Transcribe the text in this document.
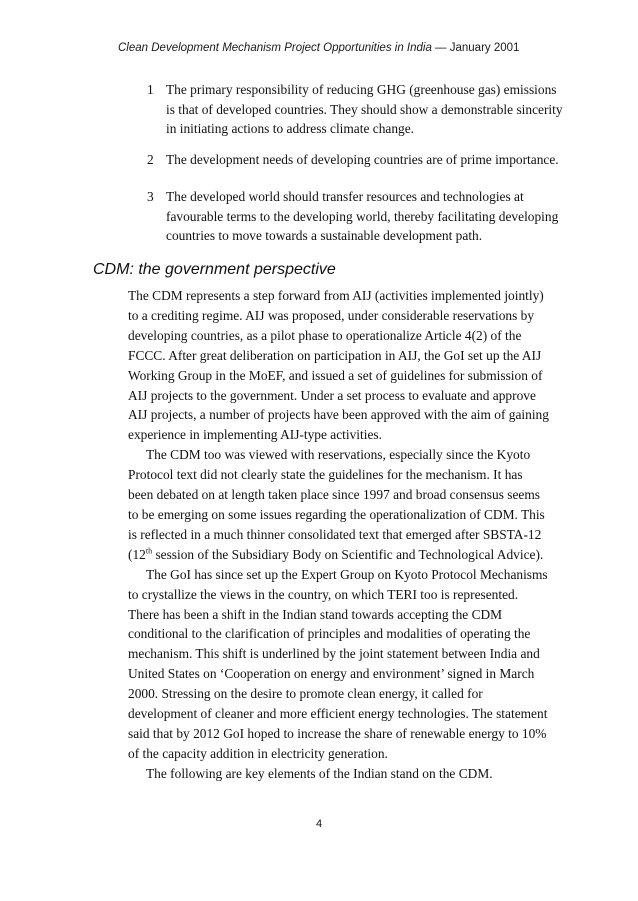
Clean Development Mechanism Project Opportunities in India — January 2001
1 The primary responsibility of reducing GHG (greenhouse gas) emissions is that of developed countries. They should show a demonstrable sincerity in initiating actions to address climate change.
2 The development needs of developing countries are of prime importance.
3 The developed world should transfer resources and technologies at favourable terms to the developing world, thereby facilitating developing countries to move towards a sustainable development path.
CDM: the government perspective

The CDM represents a step forward from AIJ (activities implemented jointly) to a crediting regime. AIJ was proposed, under considerable reservations by developing countries, as a pilot phase to operationalize Article 4(2) of the FCCC. After great deliberation on participation in AIJ, the GoI set up the AIJ Working Group in the MoEF, and issued a set of guidelines for submission of AIJ projects to the government. Under a set process to evaluate and approve AIJ projects, a number of projects have been approved with the aim of gaining experience in implementing AIJ-type activities.

The CDM too was viewed with reservations, especially since the Kyoto Protocol text did not clearly state the guidelines for the mechanism. It has been debated on at length taken place since 1997 and broad consensus seems to be emerging on some issues regarding the operationalization of CDM. This is reflected in a much thinner consolidated text that emerged after SBSTA-12 (12th session of the Subsidiary Body on Scientific and Technological Advice).

The GoI has since set up the Expert Group on Kyoto Protocol Mechanisms to crystallize the views in the country, on which TERI too is represented. There has been a shift in the Indian stand towards accepting the CDM conditional to the clarification of principles and modalities of operating the mechanism. This shift is underlined by the joint statement between India and United States on ‘Cooperation on energy and environment’ signed in March 2000. Stressing on the desire to promote clean energy, it called for development of cleaner and more efficient energy technologies. The statement said that by 2012 GoI hoped to increase the share of renewable energy to 10% of the capacity addition in electricity generation.

The following are key elements of the Indian stand on the CDM.

4
